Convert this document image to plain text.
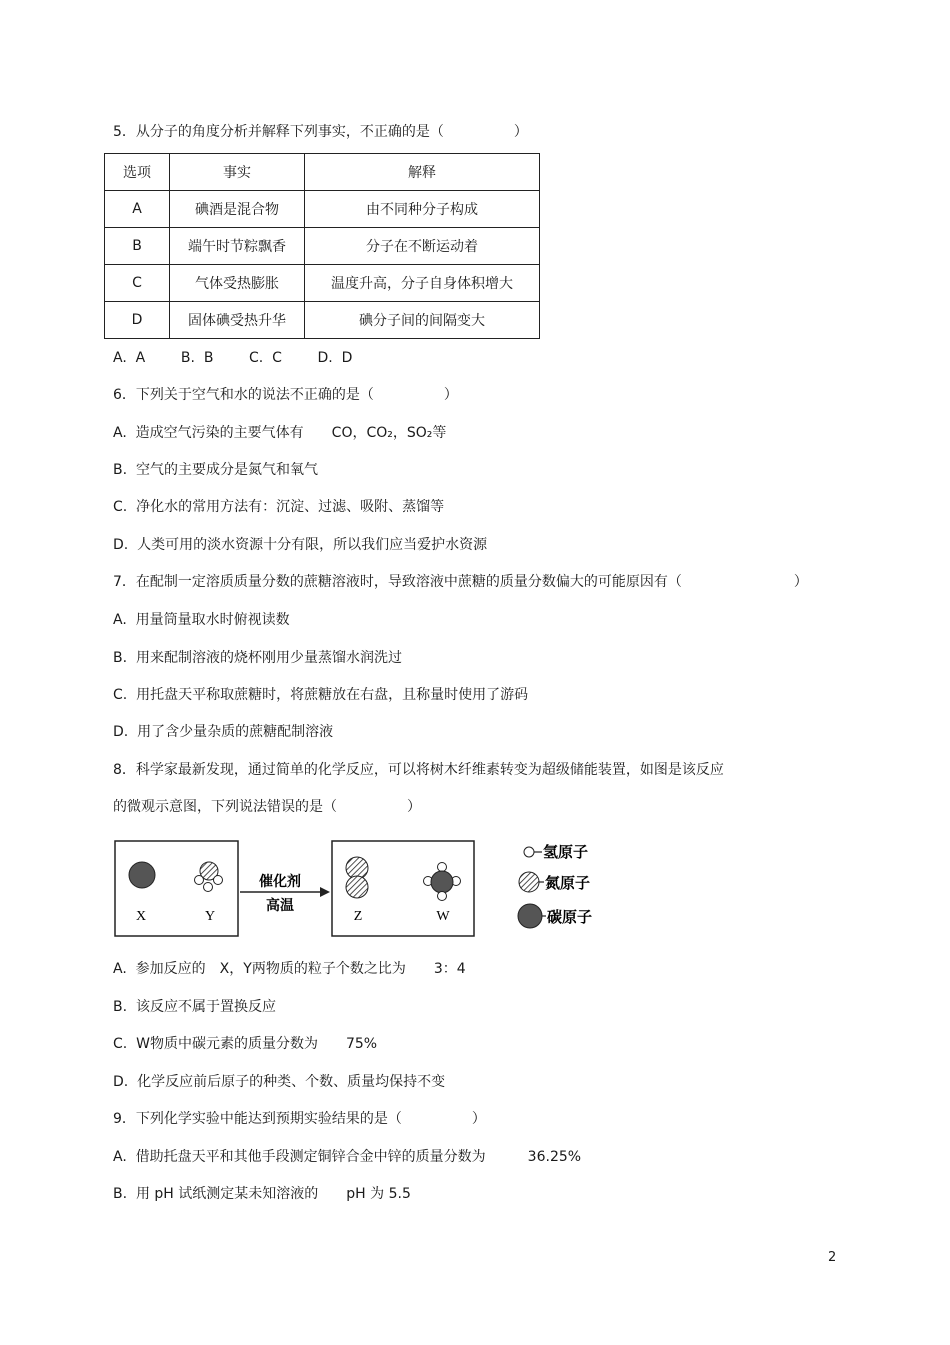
5．从分子的角度分析并解释下列事实，不正确的是（　　　　　）
选项	事实	解释
A	碘酒是混合物	由不同种分子构成
B	端午时节粽飘香	分子在不断运动着
C	气体受热膨胀	温度升高，分子自身体积增大
D	固体碘受热升华	碘分子间的间隔变大
A.  A        B.  B        C.  C        D.  D
6．下列关于空气和水的说法不正确的是（　　　　　）
A.  造成空气污染的主要气体有　　CO，CO₂，SO₂等
B.  空气的主要成分是氮气和氧气
C.  净化水的常用方法有：沉淀、过滤、吸附、蒸馏等
D.  人类可用的淡水资源十分有限，所以我们应当爱护水资源
7．在配制一定溶质质量分数的蔗糖溶液时，导致溶液中蔗糖的质量分数偏大的可能原因有（　　　　　　　　）
A.  用量筒量取水时俯视读数
B.  用来配制溶液的烧杯刚用少量蒸馏水润洗过
C.  用托盘天平称取蔗糖时，将蔗糖放在右盘，且称量时使用了游码
D.  用了含少量杂质的蔗糖配制溶液
8．科学家最新发现，通过简单的化学反应，可以将树木纤维素转变为超级储能装置，如图是该反应
的微观示意图，下列说法错误的是（　　　　　）
X	Y
催化剂
高温
Z	W
氢原子
氮原子
碳原子
A.  参加反应的　X，Y两物质的粒子个数之比为　　3：4
B.  该反应不属于置换反应
C.  W物质中碳元素的质量分数为　　75%
D.  化学反应前后原子的种类、个数、质量均保持不变
9．下列化学实验中能达到预期实验结果的是（　　　　　）
A.  借助托盘天平和其他手段测定铜锌合金中锌的质量分数为　　　36.25%
B.  用 pH 试纸测定某未知溶液的　　pH 为 5.5
2
